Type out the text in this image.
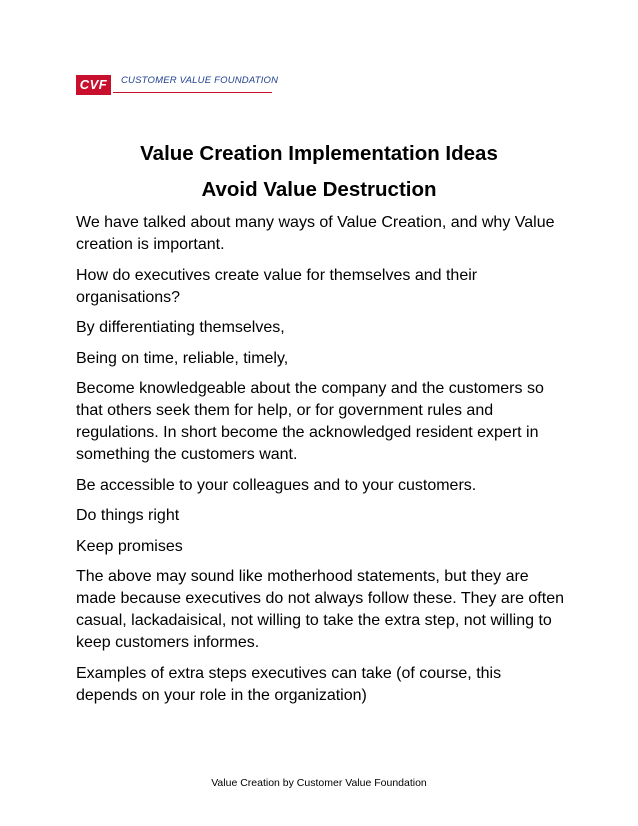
CVF	CUSTOMER VALUE FOUNDATION
Value Creation Implementation Ideas
Avoid Value Destruction

We have talked about many ways of Value Creation, and why Value creation is important.

How do executives create value for themselves and their organisations?

By differentiating themselves,

Being on time, reliable, timely,

Become knowledgeable about the company and the customers so that others seek them for help, or for government rules and regulations. In short become the acknowledged resident expert in something the customers want.

Be accessible to your colleagues and to your customers.

Do things right

Keep promises

The above may sound like motherhood statements, but they are made because executives do not always follow these. They are often casual, lackadaisical, not willing to take the extra step, not willing to keep customers informes.

Examples of extra steps executives can take (of course, this depends on your role in the organization)

Value Creation by Customer Value Foundation
